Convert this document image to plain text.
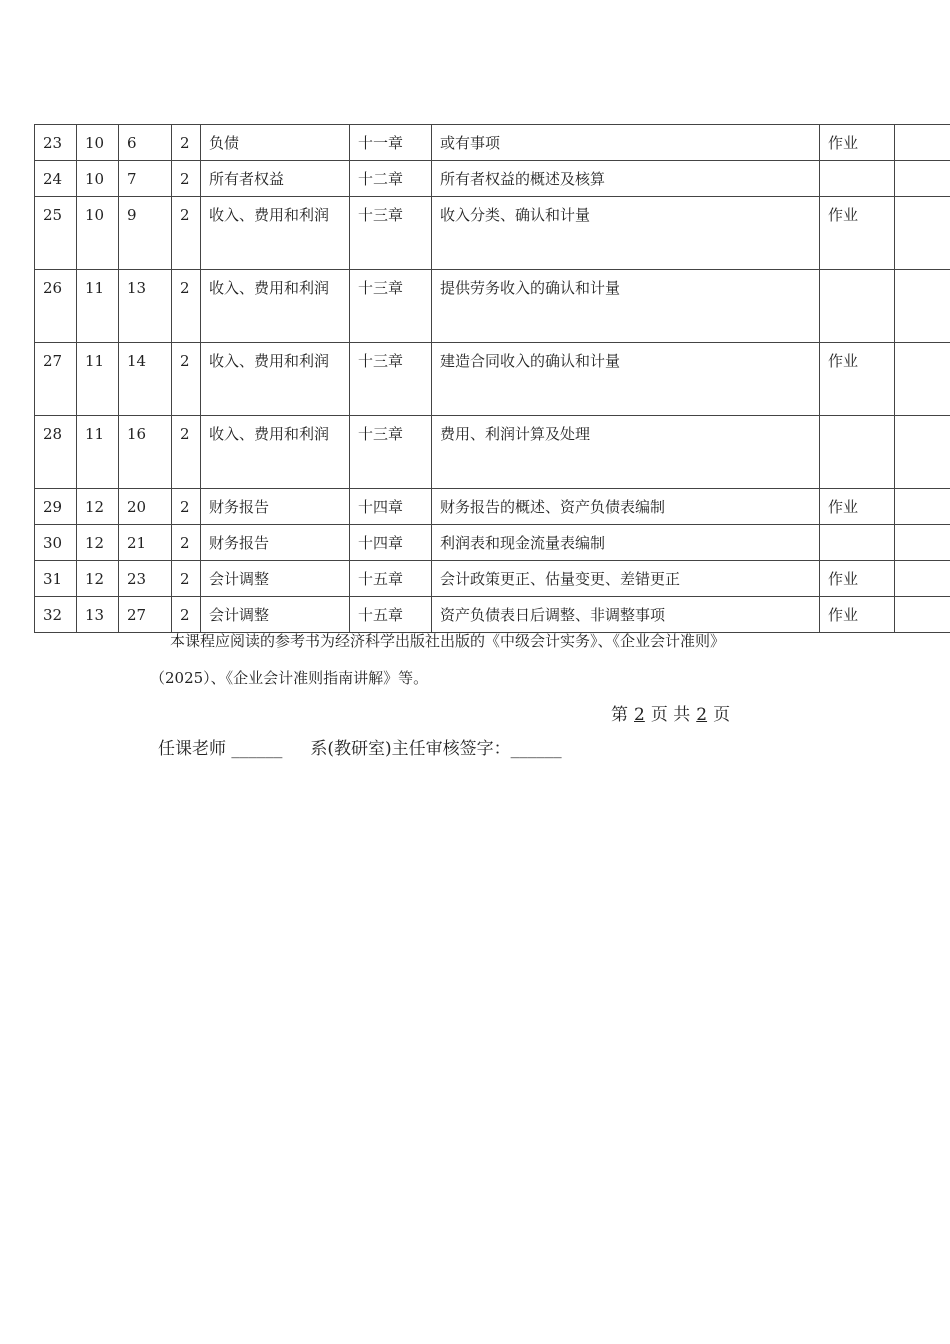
23	10	6	2	负债	十一章	或有事项	作业	
24	10	7	2	所有者权益	十二章	所有者权益的概述及核算		
25	10	9	2	收入、费用和利润	十三章	收入分类、确认和计量	作业	
26	11	13	2	收入、费用和利润	十三章	提供劳务收入的确认和计量		
27	11	14	2	收入、费用和利润	十三章	建造合同收入的确认和计量	作业	
28	11	16	2	收入、费用和利润	十三章	费用、利润计算及处理		
29	12	20	2	财务报告	十四章	财务报告的概述、资产负债表编制	作业	
30	12	21	2	财务报告	十四章	利润表和现金流量表编制		
31	12	23	2	会计调整	十五章	会计政策更正、估量变更、差错更正	作业	
32	13	27	2	会计调整	十五章	资产负债表日后调整、非调整事项	作业	
本课程应阅读的参考书为经济科学出版社出版的《中级会计实务》、《企业会计准则》
（2025）、《企业会计准则指南讲解》等。
第 2 页 共 2 页
任课老师 ______ 系(教研室)主任审核签字：______
